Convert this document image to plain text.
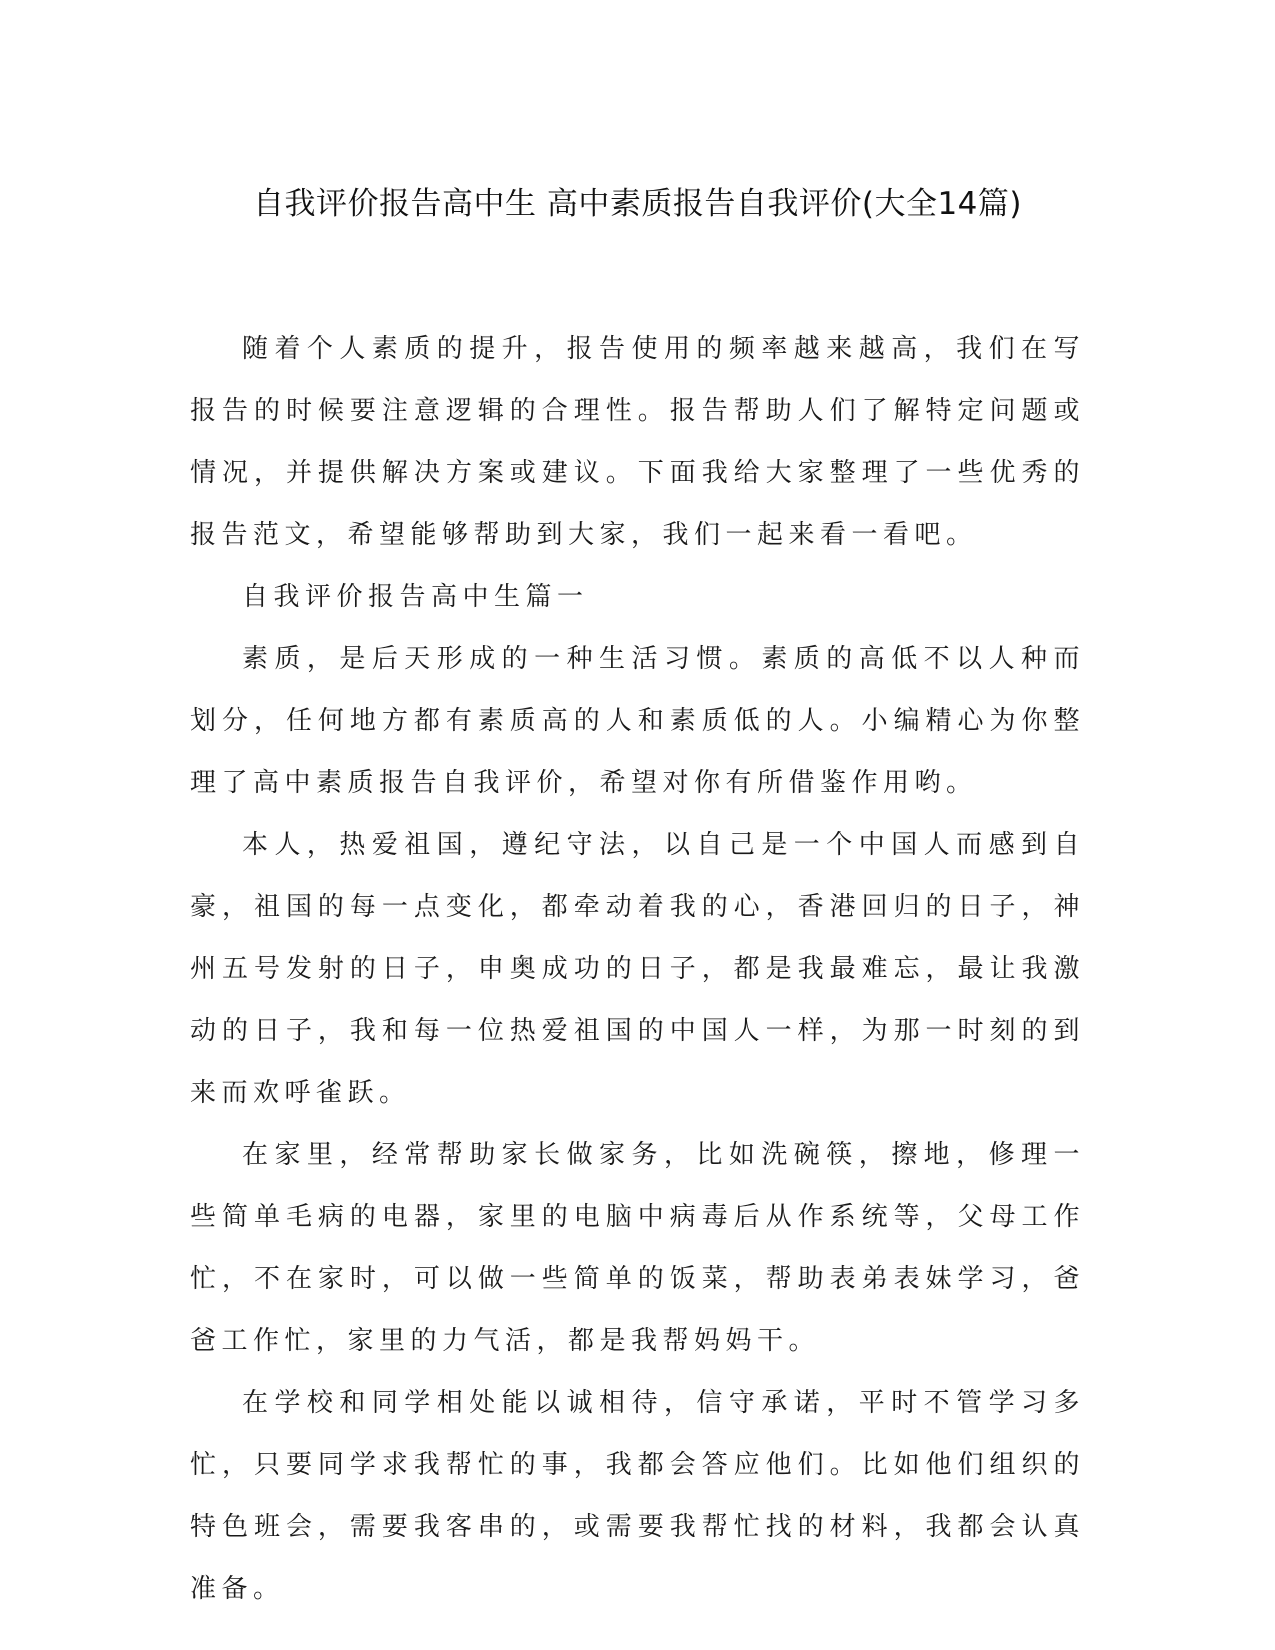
自我评价报告高中生 高中素质报告自我评价(大全14篇)

随着个人素质的提升，报告使用的频率越来越高，我们在写报告的时候要注意逻辑的合理性。报告帮助人们了解特定问题或情况，并提供解决方案或建议。下面我给大家整理了一些优秀的报告范文，希望能够帮助到大家，我们一起来看一看吧。

自我评价报告高中生篇一

素质，是后天形成的一种生活习惯。素质的高低不以人种而划分，任何地方都有素质高的人和素质低的人。小编精心为你整理了高中素质报告自我评价，希望对你有所借鉴作用哟。

本人，热爱祖国，遵纪守法，以自己是一个中国人而感到自豪，祖国的每一点变化，都牵动着我的心，香港回归的日子，神州五号发射的日子，申奥成功的日子，都是我最难忘，最让我激动的日子，我和每一位热爱祖国的中国人一样，为那一时刻的到来而欢呼雀跃。

在家里，经常帮助家长做家务，比如洗碗筷，擦地，修理一些简单毛病的电器，家里的电脑中病毒后从作系统等，父母工作忙，不在家时，可以做一些简单的饭菜，帮助表弟表妹学习，爸爸工作忙，家里的力气活，都是我帮妈妈干。

在学校和同学相处能以诚相待，信守承诺，平时不管学习多忙，只要同学求我帮忙的事，我都会答应他们。比如他们组织的特色班会，需要我客串的，或需要我帮忙找的材料，我都会认真准备。
